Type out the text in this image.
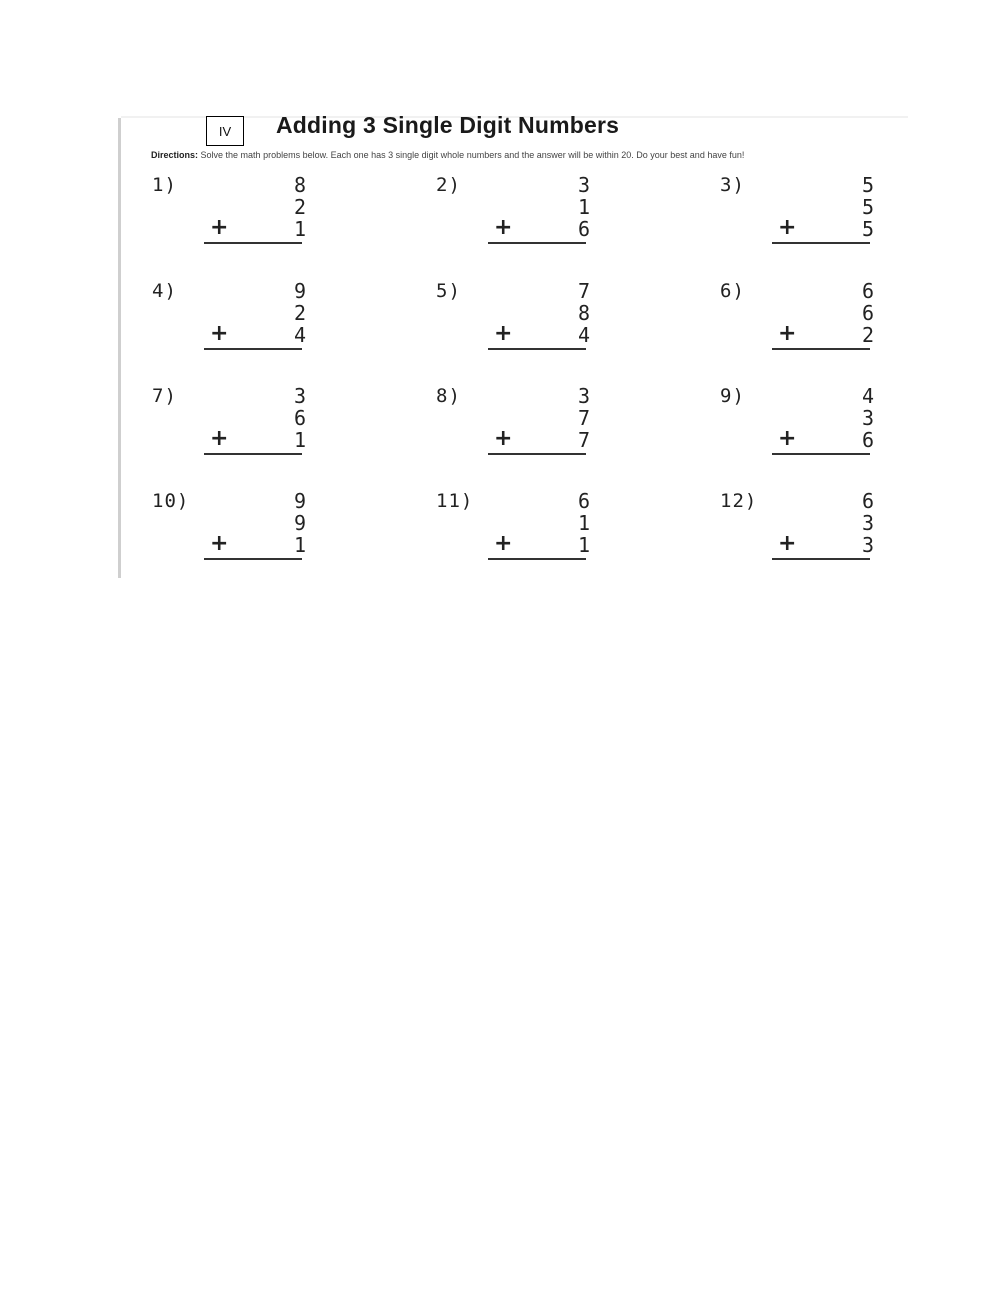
IV Adding 3 Single Digit Numbers
Directions: Solve the math problems below. Each one has 3 single digit whole numbers and the answer will be within 20. Do your best and have fun!
1)	8
2
+	1
2)	3
1
+	6
3)	5
5
+	5
4)	9
2
+	4
5)	7
8
+	4
6)	6
6
+	2
7)	3
6
+	1
8)	3
7
+	7
9)	4
3
+	6
10)	9
9
+	1
11)	6
1
+	1
12)	6
3
+	3
